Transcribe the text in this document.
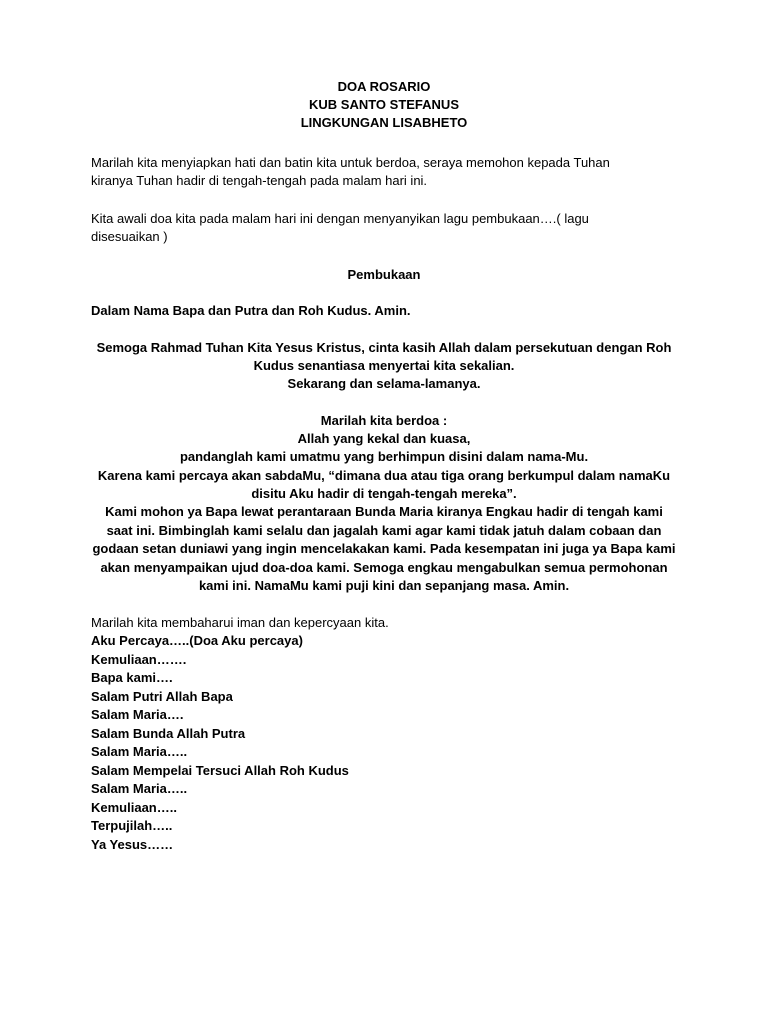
DOA ROSARIO
KUB SANTO STEFANUS
LINGKUNGAN LISABHETO
Marilah kita menyiapkan hati dan batin kita untuk berdoa, seraya memohon kepada Tuhan
kiranya Tuhan hadir di tengah-tengah pada malam hari ini.
Kita awali doa kita pada malam hari ini dengan menyanyikan lagu pembukaan….( lagu
disesuaikan )
Pembukaan
Dalam Nama Bapa dan Putra dan Roh Kudus. Amin.
Semoga Rahmad Tuhan Kita Yesus Kristus, cinta kasih Allah dalam persekutuan dengan Roh
Kudus senantiasa menyertai kita sekalian.
Sekarang dan selama-lamanya.
Marilah kita berdoa :
Allah yang kekal dan kuasa,
pandanglah kami umatmu yang berhimpun disini dalam nama-Mu.
Karena kami percaya akan sabdaMu, “dimana dua atau tiga orang berkumpul dalam namaKu
disitu Aku hadir di tengah-tengah mereka”.
Kami mohon ya Bapa lewat perantaraan Bunda Maria kiranya Engkau hadir di tengah kami
saat ini. Bimbinglah kami selalu dan jagalah kami agar kami tidak jatuh dalam cobaan dan
godaan setan duniawi yang ingin mencelakakan kami. Pada kesempatan ini juga ya Bapa kami
akan menyampaikan ujud doa-doa kami. Semoga engkau mengabulkan semua permohonan
kami ini. NamaMu kami puji kini dan sepanjang masa. Amin.
Marilah kita membaharui iman dan kepercyaan kita.
Aku Percaya…..(Doa Aku percaya)
Kemuliaan…….
Bapa kami….
Salam Putri Allah Bapa
Salam Maria….
Salam Bunda Allah Putra
Salam Maria…..
Salam Mempelai Tersuci Allah Roh Kudus
Salam Maria…..
Kemuliaan…..
Terpujilah…..
Ya Yesus……
